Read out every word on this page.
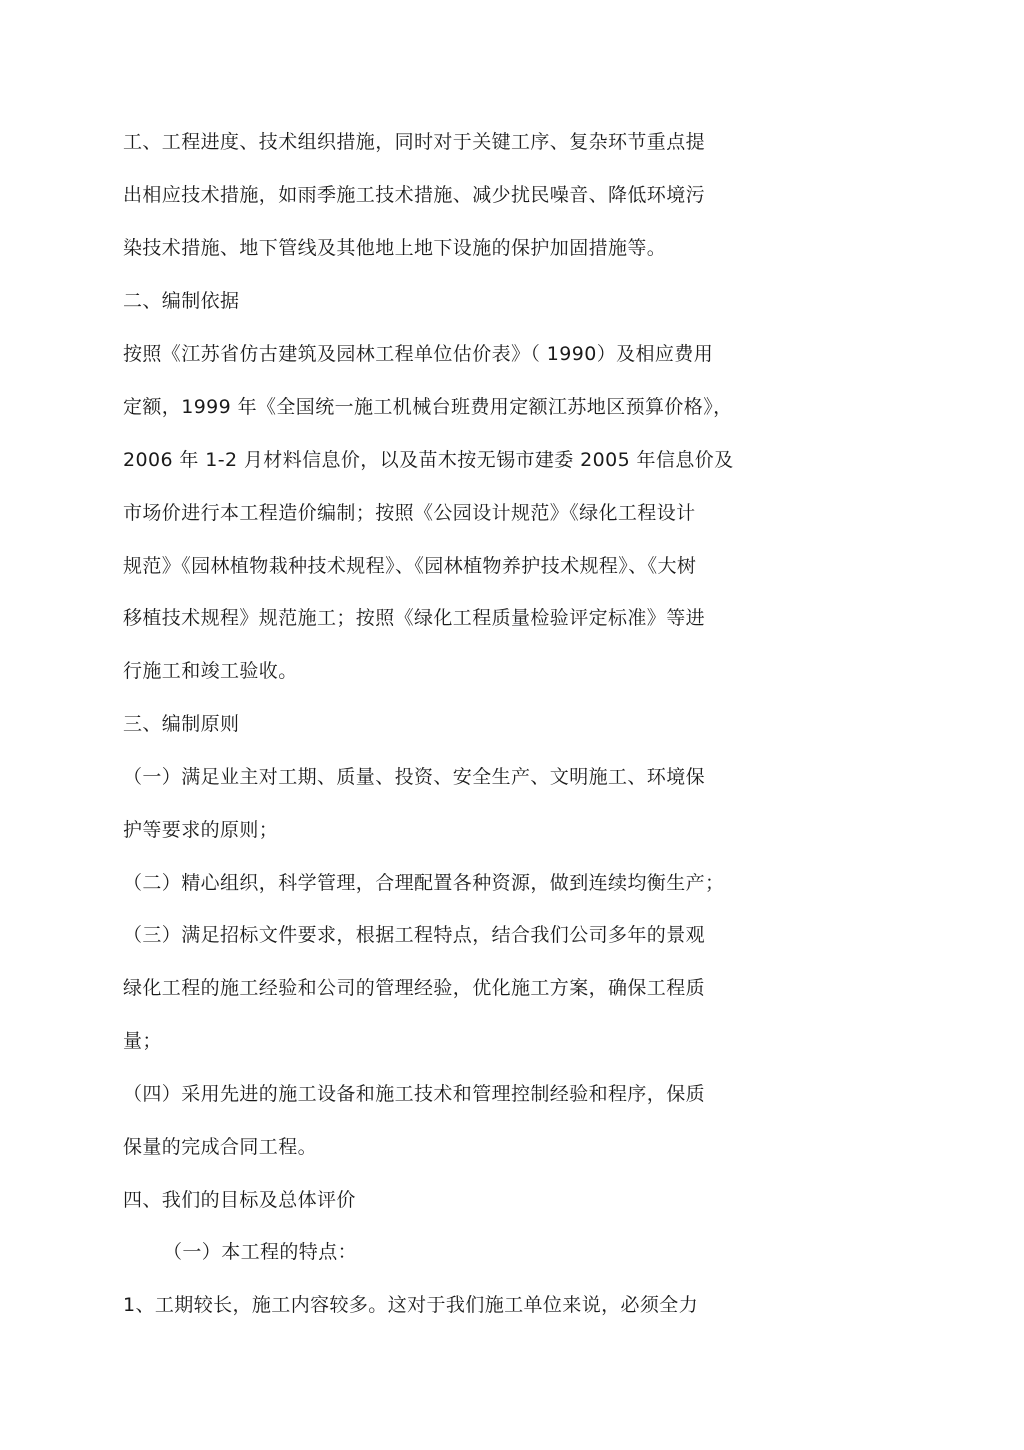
工、工程进度、技术组织措施，同时对于关键工序、复杂环节重点提
出相应技术措施，如雨季施工技术措施、减少扰民噪音、降低环境污
染技术措施、地下管线及其他地上地下设施的保护加固措施等。
二、编制依据
按照《江苏省仿古建筑及园林工程单位估价表》（ 1990）及相应费用
定额，1999 年《全国统一施工机械台班费用定额江苏地区预算价格》，
2006 年 1-2 月材料信息价，以及苗木按无锡市建委 2005 年信息价及
市场价进行本工程造价编制；按照《公园设计规范》《绿化工程设计
规范》《园林植物栽种技术规程》、《园林植物养护技术规程》、《大树
移植技术规程》规范施工；按照《绿化工程质量检验评定标准》等进
行施工和竣工验收。
三、编制原则
（一）满足业主对工期、质量、投资、安全生产、文明施工、环境保
护等要求的原则；
（二）精心组织，科学管理，合理配置各种资源，做到连续均衡生产；
（三）满足招标文件要求，根据工程特点，结合我们公司多年的景观
绿化工程的施工经验和公司的管理经验，优化施工方案，确保工程质
量；
（四）采用先进的施工设备和施工技术和管理控制经验和程序，保质
保量的完成合同工程。
四、我们的目标及总体评价
（一）本工程的特点：
1、工期较长，施工内容较多。这对于我们施工单位来说，必须全力
